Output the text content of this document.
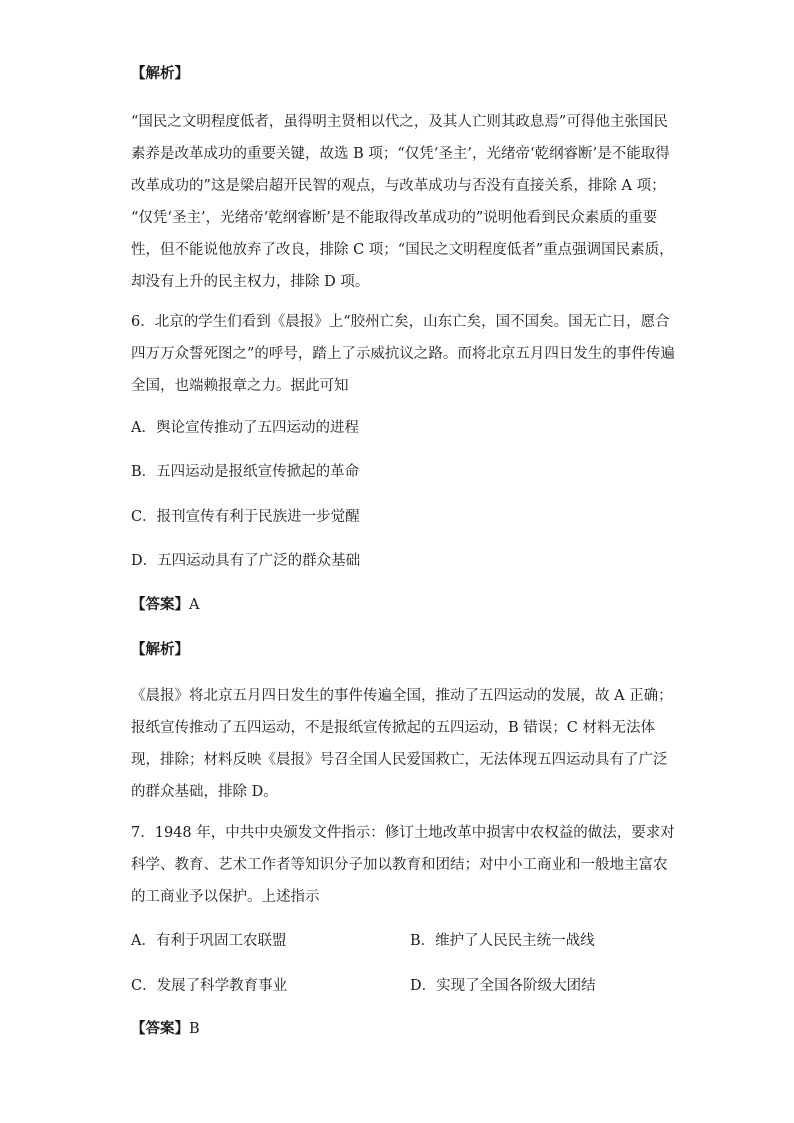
【解析】
“国民之文明程度低者，虽得明主贤相以代之，及其人亡则其政息焉”可得他主张国民
素养是改革成功的重要关键，故选 B 项；“仅凭‘圣主’，光绪帝‘乾纲睿断’是不能取得
改革成功的”这是梁启超开民智的观点，与改革成功与否没有直接关系，排除 A 项；
“仅凭‘圣主’，光绪帝‘乾纲睿断’是不能取得改革成功的”说明他看到民众素质的重要
性，但不能说他放弃了改良，排除 C 项；“国民之文明程度低者”重点强调国民素质，
却没有上升的民主权力，排除 D 项。
6．北京的学生们看到《晨报》上“胶州亡矣，山东亡矣，国不国矣。国无亡日，愿合
四万万众誓死图之”的呼号，踏上了示威抗议之路。而将北京五月四日发生的事件传遍
全国，也端赖报章之力。据此可知
A．舆论宣传推动了五四运动的进程
B．五四运动是报纸宣传掀起的革命
C．报刊宣传有利于民族进一步觉醒
D．五四运动具有了广泛的群众基础
【答案】A
【解析】
《晨报》将北京五月四日发生的事件传遍全国，推动了五四运动的发展，故 A 正确；
报纸宣传推动了五四运动，不是报纸宣传掀起的五四运动，B 错误；C 材料无法体
现，排除；材料反映《晨报》号召全国人民爱国救亡，无法体现五四运动具有了广泛
的群众基础，排除 D。
7．1948 年，中共中央颁发文件指示：修订土地改革中损害中农权益的做法，要求对
科学、教育、艺术工作者等知识分子加以教育和团结；对中小工商业和一般地主富农
的工商业予以保护。上述指示
A．有利于巩固工农联盟	B．维护了人民民主统一战线
C．发展了科学教育事业	D．实现了全国各阶级大团结
【答案】B
